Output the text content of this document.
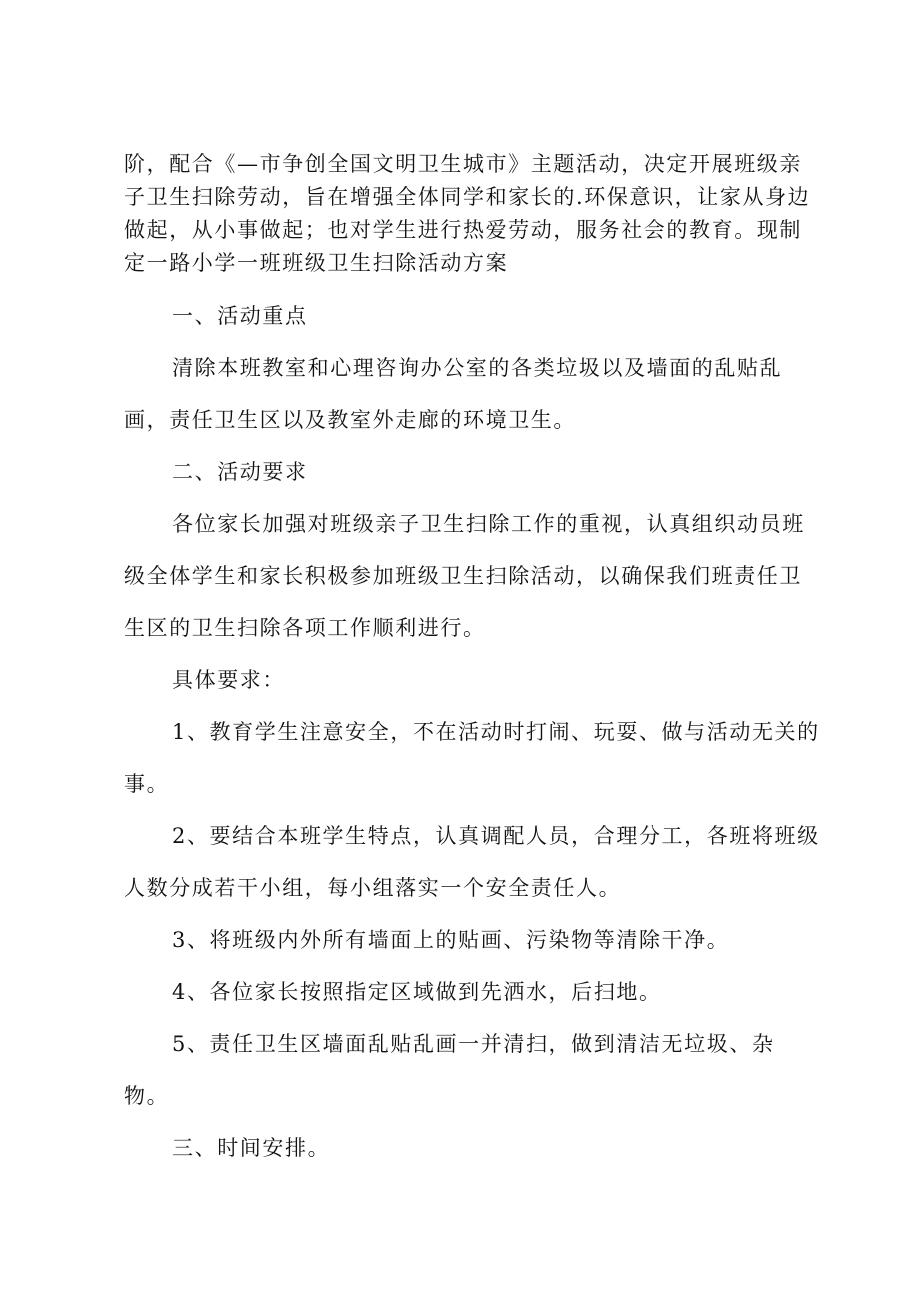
阶，配合《—市争创全国文明卫生城市》主题活动，决定开展班级亲子卫生扫除劳动，旨在增强全体同学和家长的.环保意识，让家从身边做起，从小事做起；也对学生进行热爱劳动，服务社会的教育。现制定一路小学一班班级卫生扫除活动方案

一、活动重点

清除本班教室和心理咨询办公室的各类垃圾以及墙面的乱贴乱画，责任卫生区以及教室外走廊的环境卫生。

二、活动要求

各位家长加强对班级亲子卫生扫除工作的重视，认真组织动员班级全体学生和家长积极参加班级卫生扫除活动，以确保我们班责任卫生区的卫生扫除各项工作顺利进行。

具体要求：

1、教育学生注意安全，不在活动时打闹、玩耍、做与活动无关的事。

2、要结合本班学生特点，认真调配人员，合理分工，各班将班级人数分成若干小组，每小组落实一个安全责任人。

3、将班级内外所有墙面上的贴画、污染物等清除干净。

4、各位家长按照指定区域做到先洒水，后扫地。

5、责任卫生区墙面乱贴乱画一并清扫，做到清洁无垃圾、杂

物。

三、时间安排。
